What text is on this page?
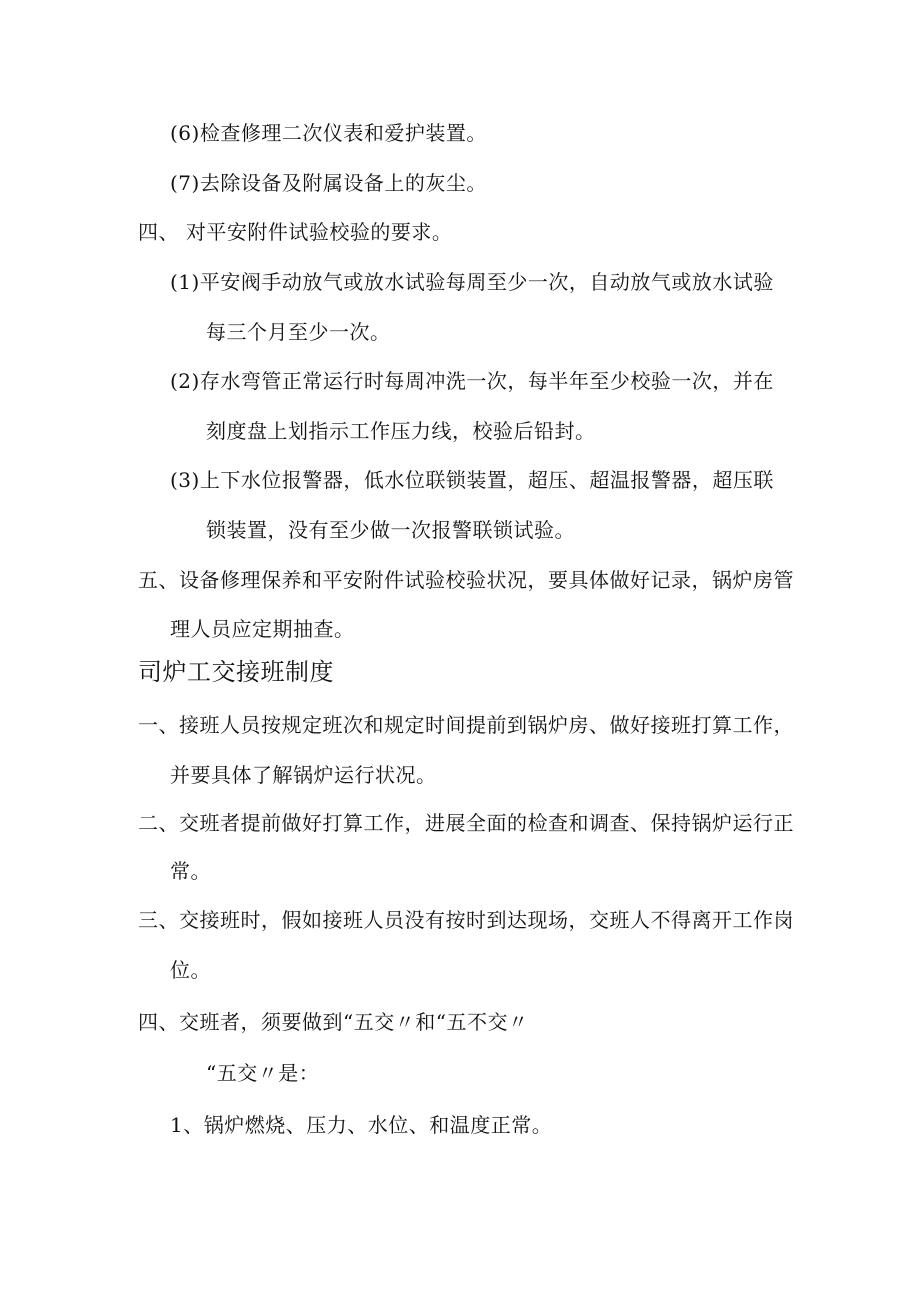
(6)检查修理二次仪表和爱护装置。
(7)去除设备及附属设备上的灰尘。
四、 对平安附件试验校验的要求。
(1)平安阀手动放气或放水试验每周至少一次，自动放气或放水试验
每三个月至少一次。
(2)存水弯管正常运行时每周冲洗一次，每半年至少校验一次，并在
刻度盘上划指示工作压力线，校验后铅封。
(3)上下水位报警器，低水位联锁装置，超压、超温报警器，超压联
锁装置，没有至少做一次报警联锁试验。
五、设备修理保养和平安附件试验校验状况，要具体做好记录，锅炉房管
理人员应定期抽查。
司炉工交接班制度
一、接班人员按规定班次和规定时间提前到锅炉房、做好接班打算工作，
并要具体了解锅炉运行状况。
二、交班者提前做好打算工作，进展全面的检查和调查、保持锅炉运行正
常。
三、交接班时，假如接班人员没有按时到达现场，交班人不得离开工作岗
位。
四、交班者，须要做到“五交〃和“五不交〃
“五交〃是：
1、锅炉燃烧、压力、水位、和温度正常。
